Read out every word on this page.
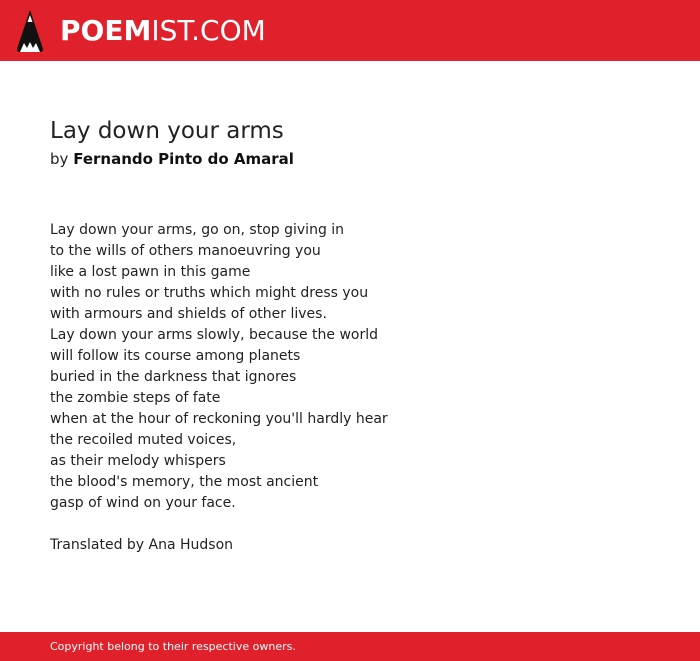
POEMIST.COM
Lay down your arms
by Fernando Pinto do Amaral
Lay down your arms, go on, stop giving in
to the wills of others manoeuvring you
like a lost pawn in this game
with no rules or truths which might dress you
with armours and shields of other lives.
Lay down your arms slowly, because the world
will follow its course among planets
buried in the darkness that ignores
the zombie steps of fate
when at the hour of reckoning you'll hardly hear
the recoiled muted voices,
as their melody whispers
the blood's memory, the most ancient
gasp of wind on your face.

Translated by Ana Hudson

Copyright belong to their respective owners.
